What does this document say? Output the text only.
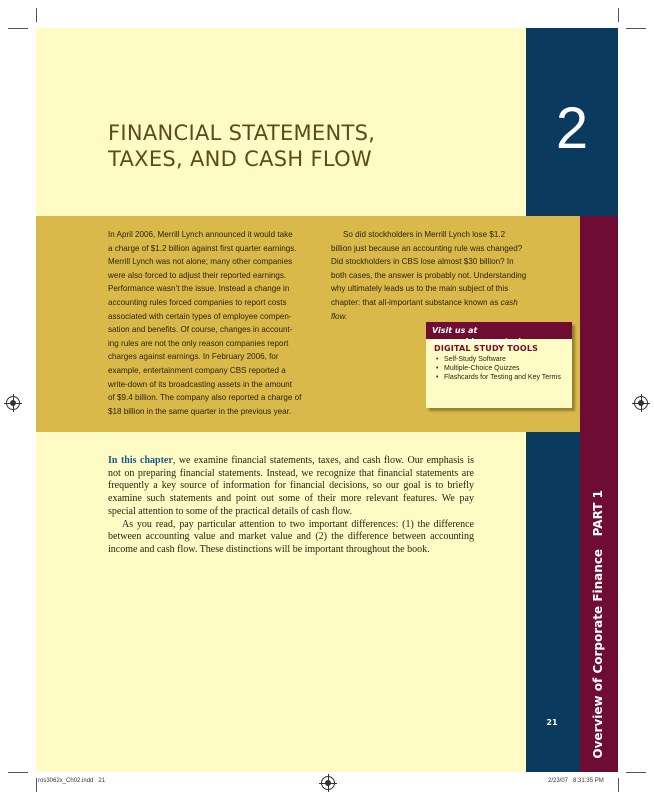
2
Overview of Corporate Finance   PART 1
FINANCIAL STATEMENTS,
TAXES, AND CASH FLOW
In April 2006, Merrill Lynch announced it would take
a charge of $1.2 billion against first quarter earnings.
Merrill Lynch was not alone; many other companies
were also forced to adjust their reported earnings.
Performance wasn’t the issue. Instead a change in
accounting rules forced companies to report costs
associated with certain types of employee compen-
sation and benefits. Of course, changes in account-
ing rules are not the only reason companies report
charges against earnings. In February 2006, for
example, entertainment company CBS reported a
write-down of its broadcasting assets in the amount
of $9.4 billion. The company also reported a charge of
$18 billion in the same quarter in the previous year.

So did stockholders in Merrill Lynch lose $1.2 billion just because an accounting rule was changed? Did stockholders in CBS lose almost $30 billion? In both cases, the answer is probably not. Understanding why ultimately leads us to the main subject of this chapter: that all-important substance known as cash flow.

Visit us at www.mhhe.com/rwj
DIGITAL STUDY TOOLS
• Self-Study Software
• Multiple-Choice Quizzes
• Flashcards for Testing and Key Terms

In this chapter, we examine financial statements, taxes, and cash flow. Our emphasis is not on preparing financial statements. Instead, we recognize that financial statements are frequently a key source of information for financial decisions, so our goal is to briefly examine such statements and point out some of their more relevant features. We pay special attention to some of the practical details of cash flow.

As you read, pay particular attention to two important differences: (1) the difference between accounting value and market value and (2) the difference between accounting income and cash flow. These distinctions will be important throughout the book.

21
ros3062x_Ch02.indd   21	2/23/07   8:31:35 PM
